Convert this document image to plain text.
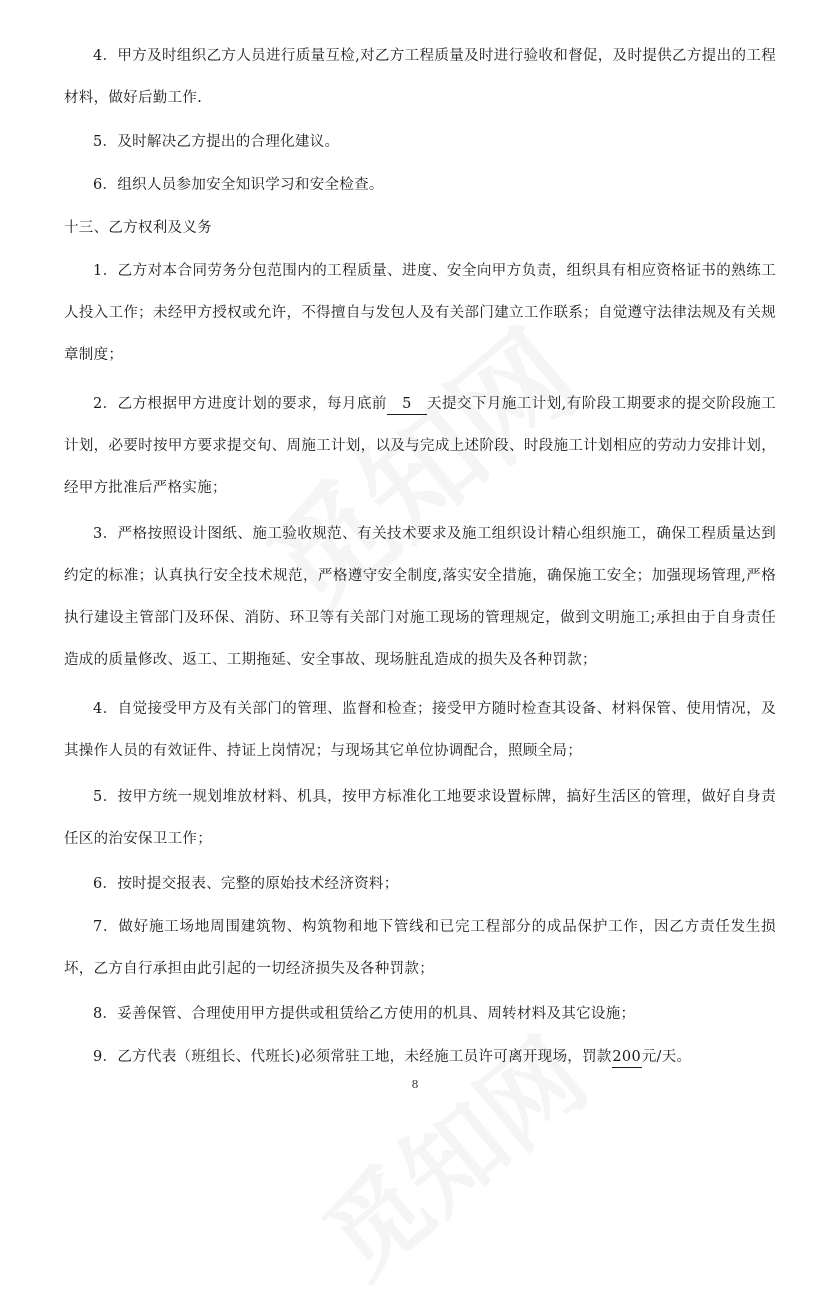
4．甲方及时组织乙方人员进行质量互检,对乙方工程质量及时进行验收和督促，及时提供乙方提出的工程材料，做好后勤工作.

5．及时解决乙方提出的合理化建议。

6．组织人员参加安全知识学习和安全检查。

十三、乙方权利及义务

1．乙方对本合同劳务分包范围内的工程质量、进度、安全向甲方负责，组织具有相应资格证书的熟练工人投入工作；未经甲方授权或允许，不得擅自与发包人及有关部门建立工作联系；自觉遵守法律法规及有关规章制度；

2．乙方根据甲方进度计划的要求，每月底前 5 天提交下月施工计划,有阶段工期要求的提交阶段施工计划，必要时按甲方要求提交旬、周施工计划，以及与完成上述阶段、时段施工计划相应的劳动力安排计划，经甲方批准后严格实施；

3．严格按照设计图纸、施工验收规范、有关技术要求及施工组织设计精心组织施工，确保工程质量达到约定的标准；认真执行安全技术规范，严格遵守安全制度,落实安全措施，确保施工安全；加强现场管理,严格执行建设主管部门及环保、消防、环卫等有关部门对施工现场的管理规定，做到文明施工;承担由于自身责任造成的质量修改、返工、工期拖延、安全事故、现场脏乱造成的损失及各种罚款；

4．自觉接受甲方及有关部门的管理、监督和检查；接受甲方随时检查其设备、材料保管、使用情况，及其操作人员的有效证件、持证上岗情况；与现场其它单位协调配合，照顾全局；

5．按甲方统一规划堆放材料、机具，按甲方标准化工地要求设置标牌，搞好生活区的管理，做好自身责任区的治安保卫工作；

6．按时提交报表、完整的原始技术经济资料；

7．做好施工场地周围建筑物、构筑物和地下管线和已完工程部分的成品保护工作，因乙方责任发生损坏，乙方自行承担由此引起的一切经济损失及各种罚款；

8．妥善保管、合理使用甲方提供或租赁给乙方使用的机具、周转材料及其它设施；

9．乙方代表（班组长、代班长)必须常驻工地，未经施工员许可离开现场，罚款200元/天。

8
